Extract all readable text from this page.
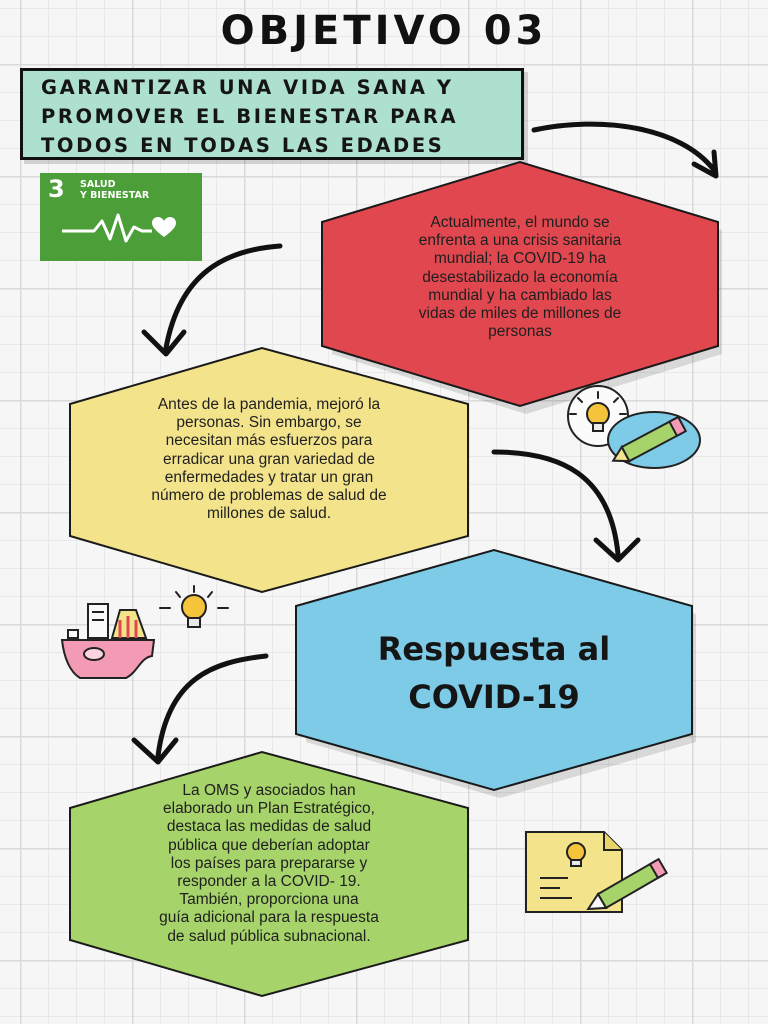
OBJETIVO 03
GARANTIZAR UNA VIDA SANA Y
PROMOVER EL BIENESTAR PARA
TODOS EN TODAS LAS EDADES
3 SALUD
Y BIENESTAR
Actualmente, el mundo se
enfrenta a una crisis sanitaria
mundial; la COVID-19 ha
desestabilizado la economía
mundial y ha cambiado las
vidas de miles de millones de
personas
Antes de la pandemia, mejoró la
personas. Sin embargo, se
necesitan más esfuerzos para
erradicar una gran variedad de
enfermedades y tratar un gran
número de problemas de salud de
millones de salud.
Respuesta al
COVID-19
La OMS y asociados han
elaborado un Plan Estratégico,
destaca las medidas de salud
pública que deberían adoptar
los países para prepararse y
responder a la COVID- 19.
También, proporciona una
guía adicional para la respuesta
de salud pública subnacional.
